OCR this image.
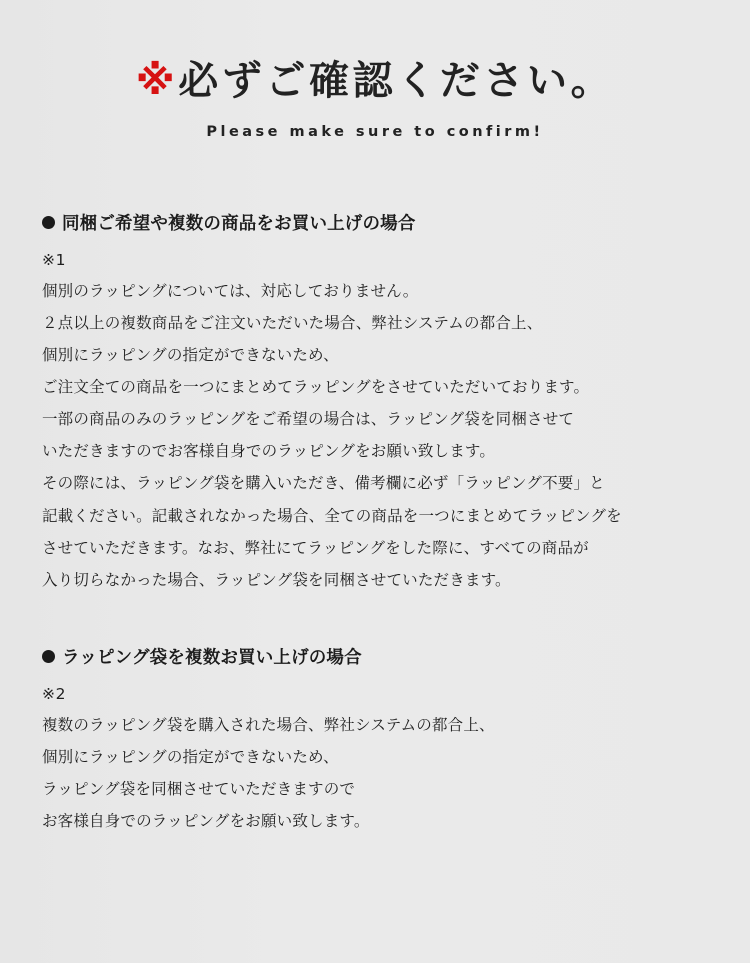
※必ずご確認ください。

Please make sure to confirm!

同梱ご希望や複数の商品をお買い上げの場合

※1

個別のラッピングについては、対応しておりません。
２点以上の複数商品をご注文いただいた場合、弊社システムの都合上、
個別にラッピングの指定ができないため、
ご注文全ての商品を一つにまとめてラッピングをさせていただいております。
一部の商品のみのラッピングをご希望の場合は、ラッピング袋を同梱させて
いただきますのでお客様自身でのラッピングをお願い致します。
その際には、ラッピング袋を購入いただき、備考欄に必ず「ラッピング不要」と
記載ください。記載されなかった場合、全ての商品を一つにまとめてラッピングを
させていただきます。なお、弊社にてラッピングをした際に、すべての商品が
入り切らなかった場合、ラッピング袋を同梱させていただきます。

ラッピング袋を複数お買い上げの場合

※2

複数のラッピング袋を購入された場合、弊社システムの都合上、
個別にラッピングの指定ができないため、
ラッピング袋を同梱させていただきますので
お客様自身でのラッピングをお願い致します。
